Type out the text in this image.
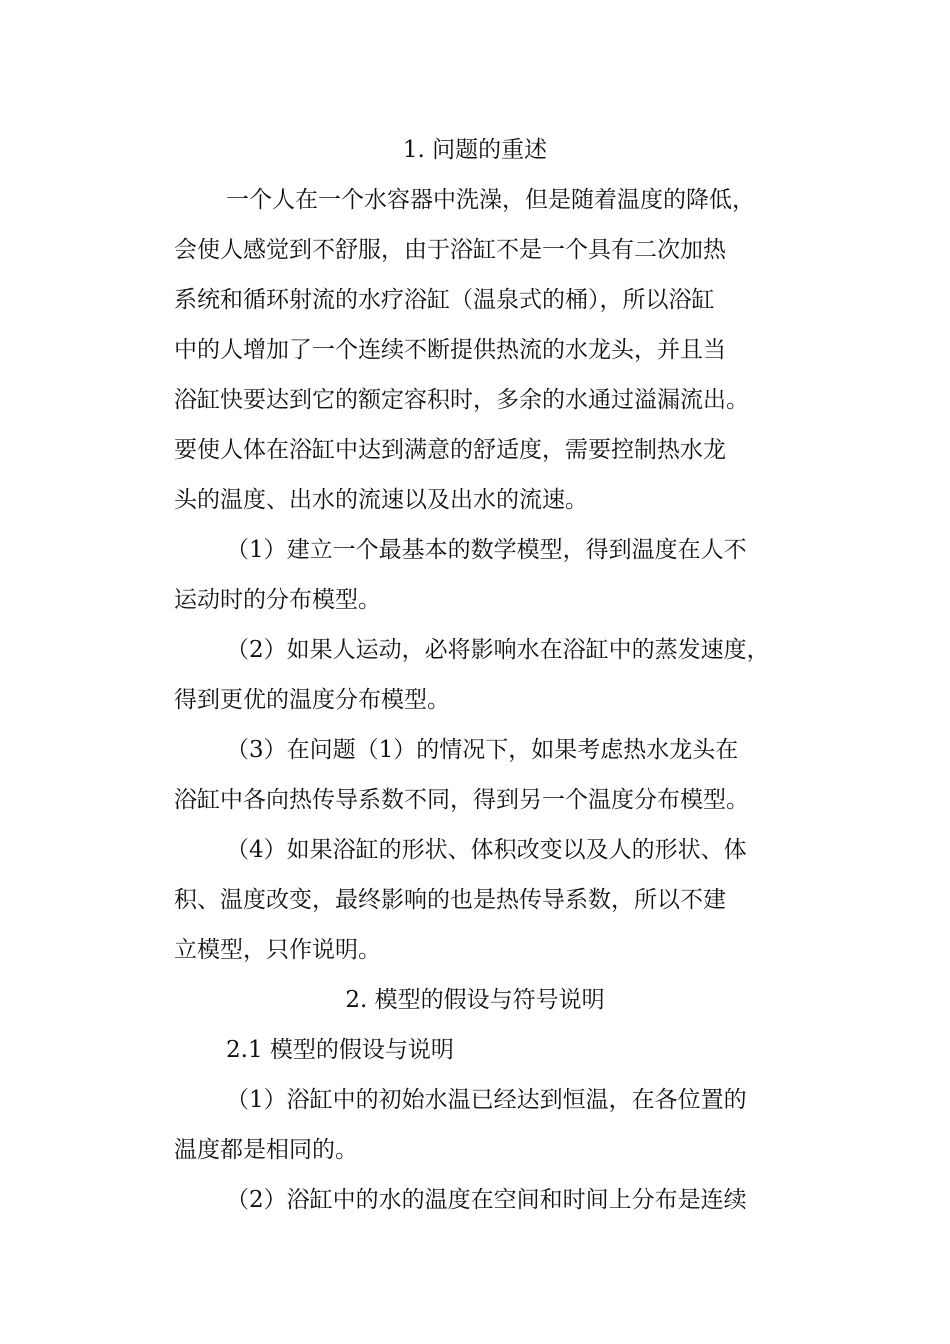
1. 问题的重述
一个人在一个水容器中洗澡，但是随着温度的降低，
会使人感觉到不舒服，由于浴缸不是一个具有二次加热
系统和循环射流的水疗浴缸（温泉式的桶），所以浴缸
中的人增加了一个连续不断提供热流的水龙头，并且当
浴缸快要达到它的额定容积时，多余的水通过溢漏流出。
要使人体在浴缸中达到满意的舒适度，需要控制热水龙
头的温度、出水的流速以及出水的流速。
（1）建立一个最基本的数学模型，得到温度在人不
运动时的分布模型。
（2）如果人运动，必将影响水在浴缸中的蒸发速度，
得到更优的温度分布模型。
（3）在问题（1）的情况下，如果考虑热水龙头在
浴缸中各向热传导系数不同，得到另一个温度分布模型。
（4）如果浴缸的形状、体积改变以及人的形状、体
积、温度改变，最终影响的也是热传导系数，所以不建
立模型，只作说明。
2. 模型的假设与符号说明
2.1 模型的假设与说明
（1）浴缸中的初始水温已经达到恒温，在各位置的
温度都是相同的。
（2）浴缸中的水的温度在空间和时间上分布是连续
